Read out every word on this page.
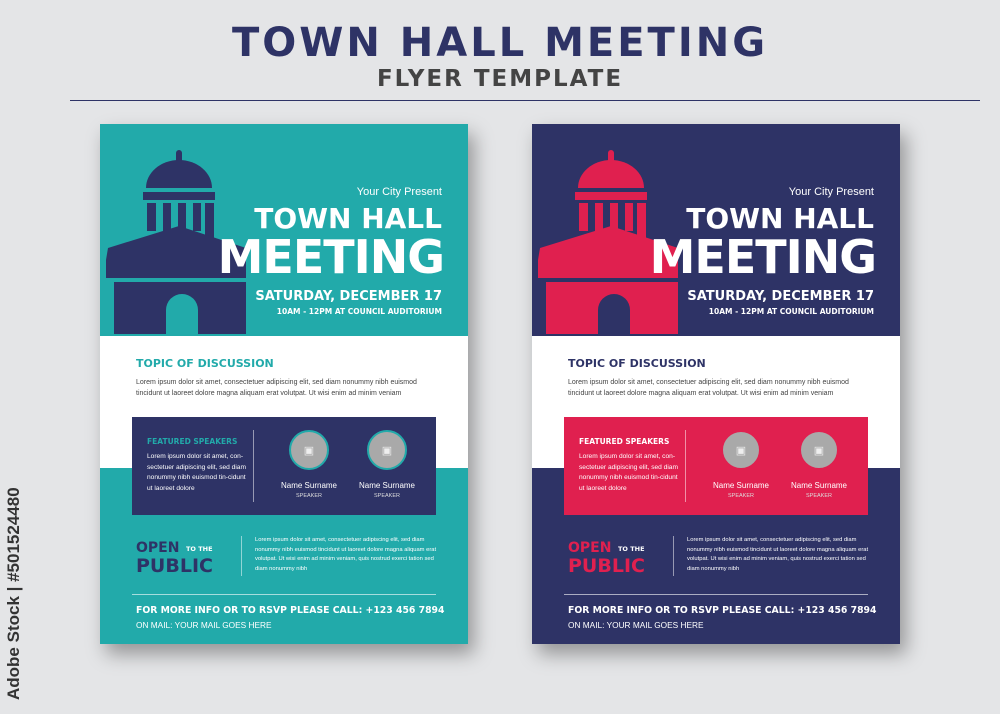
TOWN HALL MEETING
FLYER TEMPLATE
Adobe Stock | #501524480
Your City Present
TOWN HALL
MEETING
SATURDAY, DECEMBER 17
10AM - 12PM AT COUNCIL AUDITORIUM
TOPIC OF DISCUSSION
Lorem ipsum dolor sit amet, consectetuer adipiscing elit, sed diam nonummy nibh euismod tincidunt ut laoreet dolore magna aliquam erat volutpat. Ut wisi enim ad minim veniam
FEATURED SPEAKERS
Lorem ipsum dolor sit amet, con-sectetuer adipiscing elit, sed diam nonummy nibh euismod tin-cidunt ut laoreet dolore
▣
Name Surname
SPEAKER
▣
Name Surname
SPEAKER
OPEN TO THE
PUBLIC
Lorem ipsum dolor sit amet, consectetuer adipiscing elit, sed diam nonummy nibh euismod tincidunt ut laoreet dolore magna aliquam erat volutpat. Ut wisi enim ad minim veniam, quis nostrud exerci tation sed diam nonummy nibh
FOR MORE INFO OR TO RSVP PLEASE CALL: +123 456 7894
ON MAIL: YOUR MAIL GOES HERE
Your City Present
TOWN HALL
MEETING
SATURDAY, DECEMBER 17
10AM - 12PM AT COUNCIL AUDITORIUM
TOPIC OF DISCUSSION
Lorem ipsum dolor sit amet, consectetuer adipiscing elit, sed diam nonummy nibh euismod tincidunt ut laoreet dolore magna aliquam erat volutpat. Ut wisi enim ad minim veniam
FEATURED SPEAKERS
Lorem ipsum dolor sit amet, con-sectetuer adipiscing elit, sed diam nonummy nibh euismod tin-cidunt ut laoreet dolore
▣
Name Surname
SPEAKER
▣
Name Surname
SPEAKER
OPEN TO THE
PUBLIC
Lorem ipsum dolor sit amet, consectetuer adipiscing elit, sed diam nonummy nibh euismod tincidunt ut laoreet dolore magna aliquam erat volutpat. Ut wisi enim ad minim veniam, quis nostrud exerci tation sed diam nonummy nibh
FOR MORE INFO OR TO RSVP PLEASE CALL: +123 456 7894
ON MAIL: YOUR MAIL GOES HERE
